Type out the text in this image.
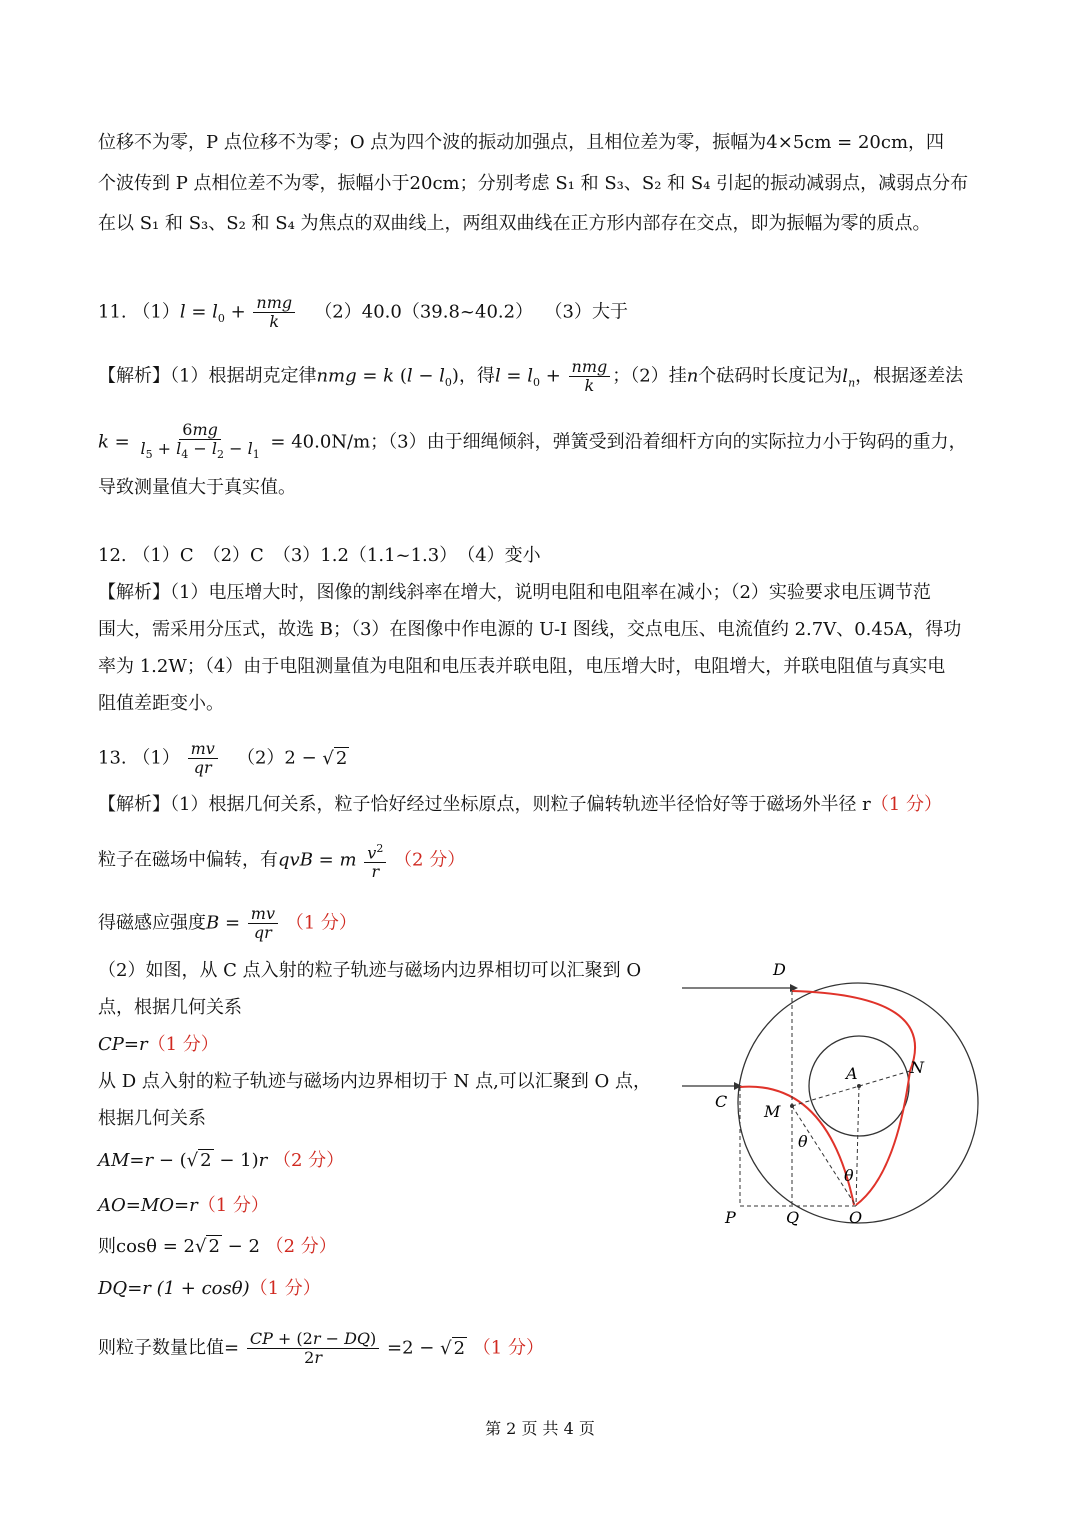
位移不为零，P 点位移不为零；O 点为四个波的振动加强点，且相位差为零，振幅为4×5cm = 20cm，四
个波传到 P 点相位差不为零，振幅小于20cm；分别考虑 S₁ 和 S₃、S₂ 和 S₄ 引起的振动减弱点，减弱点分布
在以 S₁ 和 S₃、S₂ 和 S₄ 为焦点的双曲线上，两组双曲线在正方形内部存在交点，即为振幅为零的质点。
11. $(1)l = l_0 + \frac{\text{nmg}}{k}$ （2）40.0（39.8~40.2） （3）大于
【解析】（1）根据胡克定律nmg = k $(l - l_0)$，得$l = l_0 + \frac{\text{nmg}}{k}$ ；（2）挂n个砝码时长度记为$l_n$，根据逐差法
$k = \frac{6mg}{l_5 + l_4 - l_2 - l_1} = 40.0N/m$；（3）由于细绳倾斜，弹簧受到沿着细杆方向的实际拉力小于钩码的重力，
导致测量值大于真实值。
12. （1）C　（2）C　（3）1.2（1.1~1.3）　（4）变小
【解析】（1）电压增大时，图像的割线斜率在增大，说明电阻和电阻率在减小；（2）实验要求电压调节范
围大，需采用分压式，故选 B；（3）在图像中作电源的 U-I 图线，交点电压、电流值约 2.7V、0.45A，得功
率为 1.2W；（4）由于电阻测量值为电阻和电压表并联电阻，电压增大时，电阻增大，并联电阻值与真实电
阻值差距变小。
13. $(1) \frac{mv}{qr} (2)2$ − √ 2
【解析】（1）根据几何关系，粒子恰好经过坐标原点，则粒子偏转轨迹半径恰好等于磁场外半径 r（1 分）
粒子在磁场中偏转，有qvB = m $\frac{v^2}{r} (2$ 分）
得磁感应强度$B = \frac{mv}{qr} (1$ 分）
（2）如图，从 C 点入射的粒子轨迹与磁场内边界相切可以汇聚到 O
点，根据几何关系
CP=r（1 分）
从 D 点入射的粒子轨迹与磁场内边界相切于 N 点,可以汇聚到 O 点，
根据几何关系
AM=r − (√ 2 − 1)r （2 分）
AO=MO=r（1 分）
则cosθ = 2√ 2 − 2 （2 分）
DQ=r (1 + cosθ)（1 分）
则粒子数量比值= $\frac{CP + (2r - DQ)}{2r} =2$ − √ 2 （1 分）
D
N
A
C
M
θ
θ
P	Q	O
第 2 页 共 4 页
